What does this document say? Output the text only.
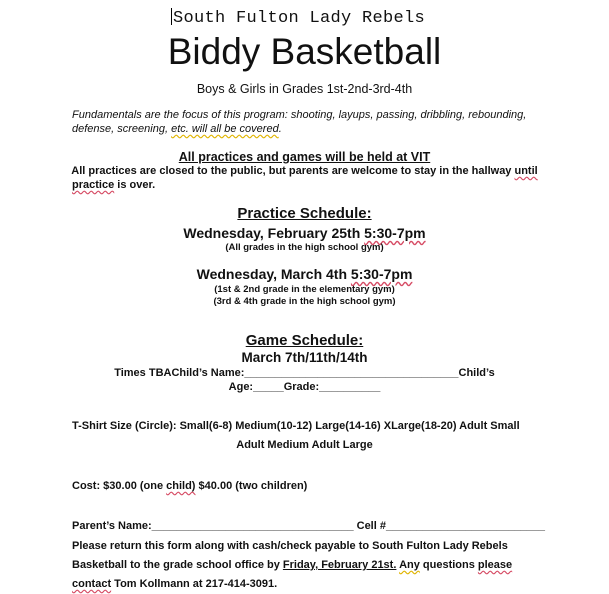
South Fulton Lady Rebels
Biddy Basketball
Boys & Girls in Grades 1st-2nd-3rd-4th
Fundamentals are the focus of this program: shooting, layups, passing, dribbling, rebounding,
defense, screening, etc. will all be covered.
All practices and games will be held at VIT
All practices are closed to the public, but parents are welcome to stay in the hallway until
practice is over.
Practice Schedule:
Wednesday, February 25th 5:30-7pm
(All grades in the high school gym)
Wednesday, March 4th 5:30-7pm
(1st & 2nd grade in the elementary gym)
(3rd & 4th grade in the high school gym)
Game Schedule:
March 7th/11th/14th
Times TBAChild’s Name:___________________________________Child’s
Age:_____Grade:__________
T-Shirt Size (Circle): Small(6-8) Medium(10-12) Large(14-16) XLarge(18-20) Adult Small
Adult Medium Adult Large
Cost: $30.00 (one child) $40.00 (two children)
Parent’s Name:_________________________________ Cell #__________________________
Please return this form along with cash/check payable to South Fulton Lady Rebels
Basketball to the grade school office by Friday, February 21st. Any questions please
contact Tom Kollmann at 217-414-3091.
